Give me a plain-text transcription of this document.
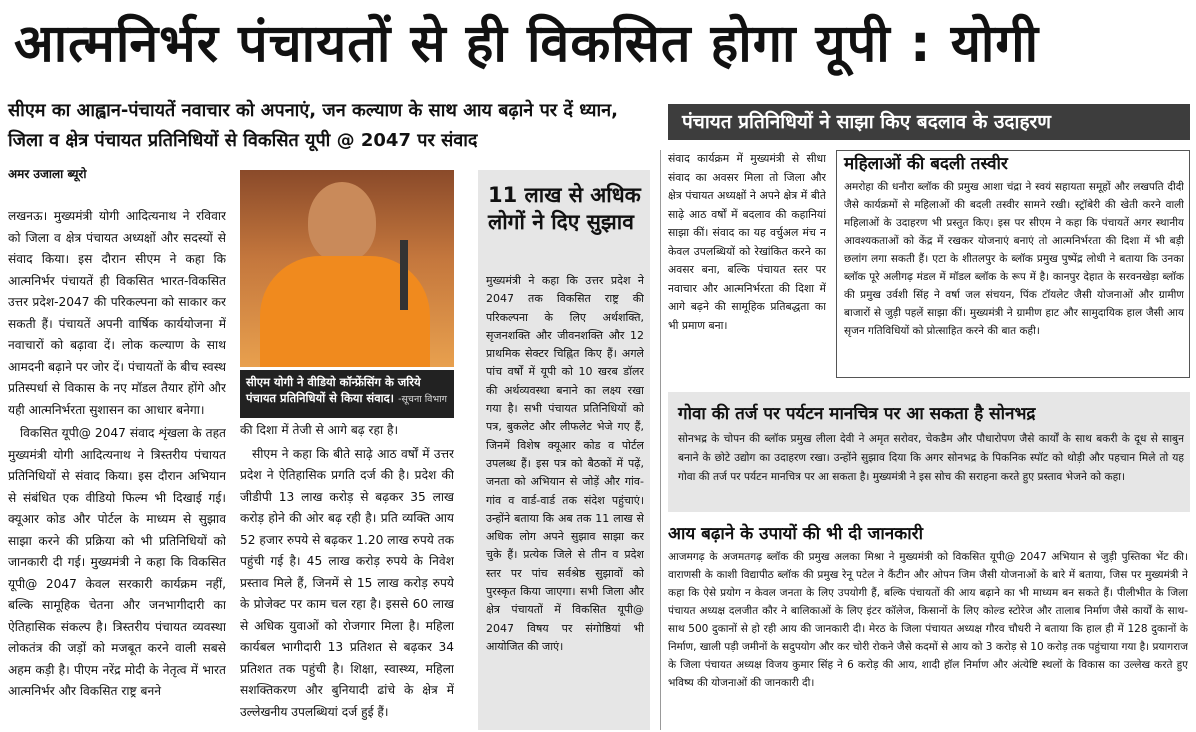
आत्मनिर्भर पंचायतों से ही विकसित होगा यूपी : योगी
सीएम का आह्वान-पंचायतें नवाचार को अपनाएं, जन कल्याण के साथ आय बढ़ाने पर दें ध्यान, जिला व क्षेत्र पंचायत प्रतिनिधियों से विकसित यूपी @ 2047 पर संवाद
पंचायत प्रतिनिधियों ने साझा किए बदलाव के उदाहरण
अमर उजाला ब्यूरो

लखनऊ। मुख्यमंत्री योगी आदित्यनाथ ने रविवार को जिला व क्षेत्र पंचायत अध्यक्षों और सदस्यों से संवाद किया। इस दौरान सीएम ने कहा कि आत्मनिर्भर पंचायतें ही विकसित भारत-विकसित उत्तर प्रदेश-2047 की परिकल्पना को साकार कर सकती हैं। पंचायतें अपनी वार्षिक कार्ययोजना में नवाचारों को बढ़ावा दें। लोक कल्याण के साथ आमदनी बढ़ाने पर जोर दें। पंचायतों के बीच स्वस्थ प्रतिस्पर्धा से विकास के नए मॉडल तैयार होंगे और यही आत्मनिर्भरता सुशासन का आधार बनेगा।

विकसित यूपी@ 2047 संवाद शृंखला के तहत मुख्यमंत्री योगी आदित्यनाथ ने त्रिस्तरीय पंचायत प्रतिनिधियों से संवाद किया। इस दौरान अभियान से संबंधित एक वीडियो फिल्म भी दिखाई गई। क्यूआर कोड और पोर्टल के माध्यम से सुझाव साझा करने की प्रक्रिया को भी प्रतिनिधियों को जानकारी दी गई। मुख्यमंत्री ने कहा कि विकसित यूपी@ 2047 केवल सरकारी कार्यक्रम नहीं, बल्कि सामूहिक चेतना और जनभागीदारी का ऐतिहासिक संकल्प है। त्रिस्तरीय पंचायत व्यवस्था लोकतंत्र की जड़ों को मजबूत करने वाली सबसे अहम कड़ी है। पीएम नरेंद्र मोदी के नेतृत्व में भारत आत्मनिर्भर और विकसित राष्ट्र बनने

सीएम योगी ने वीडियो कॉन्फ्रेंसिंग के जरिये पंचायत प्रतिनिधियों से किया संवाद। -सूचना विभाग

की दिशा में तेजी से आगे बढ़ रहा है।

सीएम ने कहा कि बीते साढ़े आठ वर्षों में उत्तर प्रदेश ने ऐतिहासिक प्रगति दर्ज की है। प्रदेश की जीडीपी 13 लाख करोड़ से बढ़कर 35 लाख करोड़ होने की ओर बढ़ रही है। प्रति व्यक्ति आय 52 हजार रुपये से बढ़कर 1.20 लाख रुपये तक पहुंची गई है। 45 लाख करोड़ रुपये के निवेश प्रस्ताव मिले हैं, जिनमें से 15 लाख करोड़ रुपये के प्रोजेक्ट पर काम चल रहा है। इससे 60 लाख से अधिक युवाओं को रोजगार मिला है। महिला कार्यबल भागीदारी 13 प्रतिशत से बढ़कर 34 प्रतिशत तक पहुंची है। शिक्षा, स्वास्थ्य, महिला सशक्तिकरण और बुनियादी ढांचे के क्षेत्र में उल्लेखनीय उपलब्धियां दर्ज हुई हैं।

11 लाख से अधिक लोगों ने दिए सुझाव

मुख्यमंत्री ने कहा कि उत्तर प्रदेश ने 2047 तक विकसित राष्ट्र की परिकल्पना के लिए अर्थशक्ति, सृजनशक्ति और जीवनशक्ति और 12 प्राथमिक सेक्टर चिह्नित किए हैं। अगले पांच वर्षों में यूपी को 10 खरब डॉलर की अर्थव्यवस्था बनाने का लक्ष्य रखा गया है। सभी पंचायत प्रतिनिधियों को पत्र, बुकलेट और लीफलेट भेजे गए हैं, जिनमें विशेष क्यूआर कोड व पोर्टल उपलब्ध हैं। इस पत्र को बैठकों में पढ़ें, जनता को अभियान से जोड़ें और गांव-गांव व वार्ड-वार्ड तक संदेश पहुंचाएं। उन्होंने बताया कि अब तक 11 लाख से अधिक लोग अपने सुझाव साझा कर चुके हैं। प्रत्येक जिले से तीन व प्रदेश स्तर पर पांच सर्वश्रेष्ठ सुझावों को पुरस्कृत किया जाएगा। सभी जिला और क्षेत्र पंचायतों में विकसित यूपी@ 2047 विषय पर संगोष्ठियां भी आयोजित की जाएं।

संवाद कार्यक्रम में मुख्यमंत्री से सीधा संवाद का अवसर मिला तो जिला और क्षेत्र पंचायत अध्यक्षों ने अपने क्षेत्र में बीते साढ़े आठ वर्षों में बदलाव की कहानियां साझा कीं। संवाद का यह वर्चुअल मंच न केवल उपलब्धियों को रेखांकित करने का अवसर बना, बल्कि पंचायत स्तर पर नवाचार और आत्मनिर्भरता की दिशा में आगे बढ़ने की सामूहिक प्रतिबद्धता का भी प्रमाण बना।

महिलाओं की बदली तस्वीर

अमरोहा की धनौरा ब्लॉक की प्रमुख आशा चंद्रा ने स्वयं सहायता समूहों और लखपति दीदी जैसे कार्यक्रमों से महिलाओं की बदली तस्वीर सामने रखी। स्ट्रॉबेरी की खेती करने वाली महिलाओं के उदाहरण भी प्रस्तुत किए। इस पर सीएम ने कहा कि पंचायतें अगर स्थानीय आवश्यकताओं को केंद्र में रखकर योजनाएं बनाएं तो आत्मनिर्भरता की दिशा में भी बड़ी छलांग लगा सकती हैं। एटा के शीतलपुर के ब्लॉक प्रमुख पुष्पेंद्र लोधी ने बताया कि उनका ब्लॉक पूरे अलीगढ़ मंडल में मॉडल ब्लॉक के रूप में है। कानपुर देहात के सरवनखेड़ा ब्लॉक की प्रमुख उर्वशी सिंह ने वर्षा जल संचयन, पिंक टॉयलेट जैसी योजनाओं और ग्रामीण बाजारों से जुड़ी पहलें साझा कीं। मुख्यमंत्री ने ग्रामीण हाट और सामुदायिक हाल जैसी आय सृजन गतिविधियों को प्रोत्साहित करने की बात कही।

गोवा की तर्ज पर पर्यटन मानचित्र पर आ सकता है सोनभद्र

सोनभद्र के चोपन की ब्लॉक प्रमुख लीला देवी ने अमृत सरोवर, चेकडैम और पौधारोपण जैसे कार्यों के साथ बकरी के दूध से साबुन बनाने के छोटे उद्योग का उदाहरण रखा। उन्होंने सुझाव दिया कि अगर सोनभद्र के पिकनिक स्पॉट को थोड़ी और पहचान मिले तो यह गोवा की तर्ज पर पर्यटन मानचित्र पर आ सकता है। मुख्यमंत्री ने इस सोच की सराहना करते हुए प्रस्ताव भेजने को कहा।

आय बढ़ाने के उपायों की भी दी जानकारी

आजमगढ़ के अजमतगढ़ ब्लॉक की प्रमुख अलका मिश्रा ने मुख्यमंत्री को विकसित यूपी@ 2047 अभियान से जुड़ी पुस्तिका भेंट की। वाराणसी के काशी विद्यापीठ ब्लॉक की प्रमुख रेनू पटेल ने कैंटीन और ओपन जिम जैसी योजनाओं के बारे में बताया, जिस पर मुख्यमंत्री ने कहा कि ऐसे प्रयोग न केवल जनता के लिए उपयोगी हैं, बल्कि पंचायतों की आय बढ़ाने का भी माध्यम बन सकते हैं। पीलीभीत के जिला पंचायत अध्यक्ष दलजीत कौर ने बालिकाओं के लिए इंटर कॉलेज, किसानों के लिए कोल्ड स्टोरेज और तालाब निर्माण जैसे कार्यों के साथ-साथ 500 दुकानों से हो रही आय की जानकारी दी। मेरठ के जिला पंचायत अध्यक्ष गौरव चौधरी ने बताया कि हाल ही में 128 दुकानों के निर्माण, खाली पड़ी जमीनों के सदुपयोग और कर चोरी रोकने जैसे कदमों से आय को 3 करोड़ से 10 करोड़ तक पहुंचाया गया है। प्रयागराज के जिला पंचायत अध्यक्ष विजय कुमार सिंह ने 6 करोड़ की आय, शादी हॉल निर्माण और अंत्येष्टि स्थलों के विकास का उल्लेख करते हुए भविष्य की योजनाओं की जानकारी दी।
